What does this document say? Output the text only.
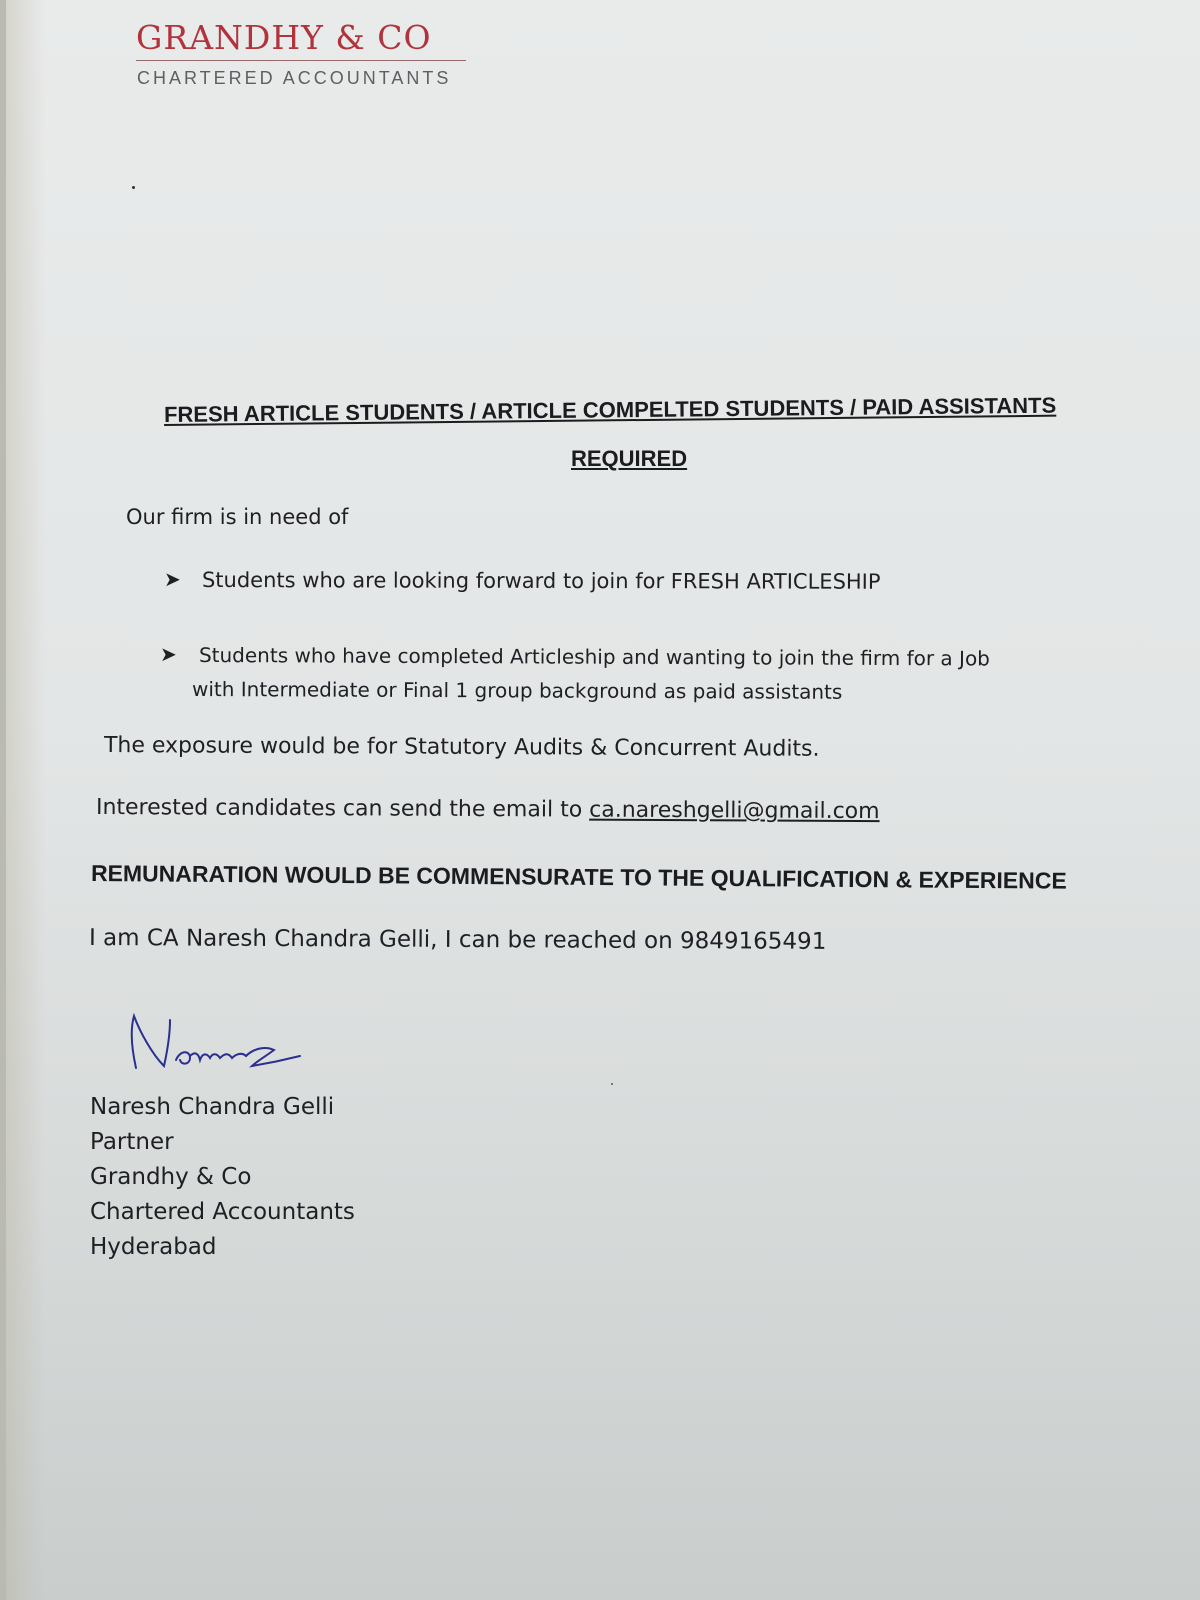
GRANDHY & CO
CHARTERED ACCOUNTANTS
FRESH ARTICLE STUDENTS / ARTICLE COMPELTED STUDENTS / PAID ASSISTANTS
REQUIRED
Our firm is in need of
➤ Students who are looking forward to join for FRESH ARTICLESHIP
➤ Students who have completed Articleship and wanting to join the firm for a Job
with Intermediate or Final 1 group background as paid assistants
The exposure would be for Statutory Audits & Concurrent Audits.
Interested candidates can send the email to ca.nareshgelli@gmail.com
REMUNARATION WOULD BE COMMENSURATE TO THE QUALIFICATION & EXPERIENCE
I am CA Naresh Chandra Gelli, I can be reached on 9849165491
Naresh Chandra Gelli
Partner
Grandhy & Co
Chartered Accountants
Hyderabad
